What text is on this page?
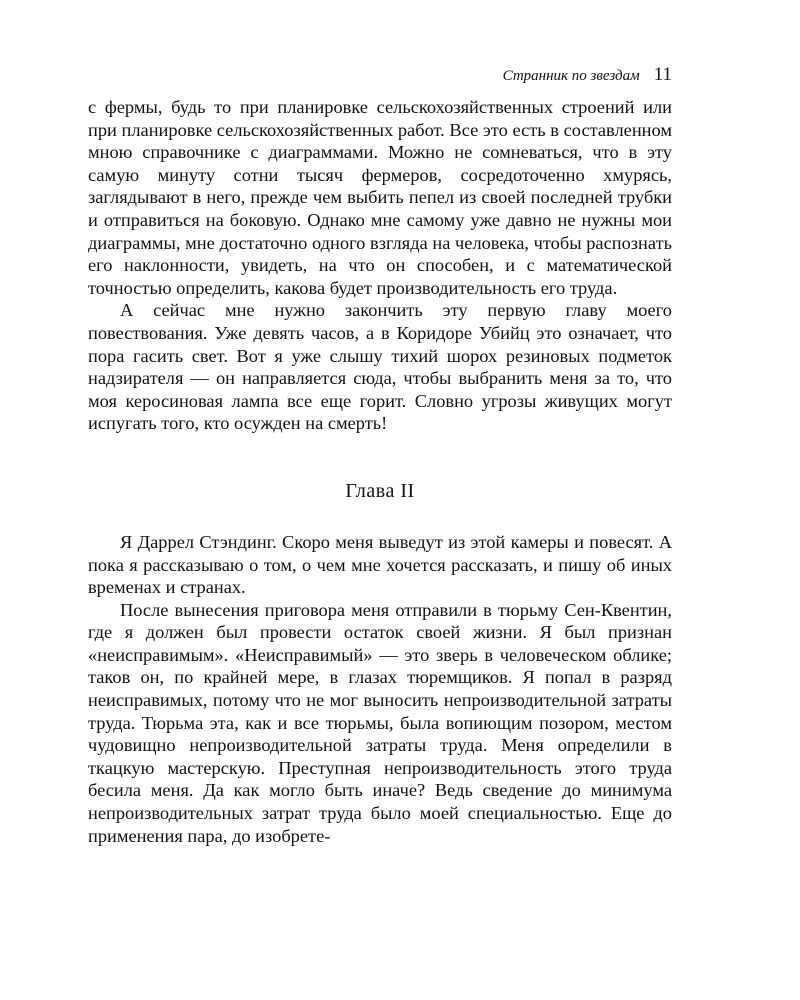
Странник по звездам 11

с фермы, будь то при планировке сельскохозяйственных строений или при планировке сельскохозяйственных работ. Все это есть в составленном мною справочнике с диаграммами. Можно не сомневаться, что в эту самую минуту сотни тысяч фермеров, сосредоточенно хмурясь, заглядывают в него, прежде чем выбить пепел из своей последней трубки и отправиться на боковую. Однако мне самому уже давно не нужны мои диаграммы, мне достаточно одного взгляда на человека, чтобы распознать его наклонности, увидеть, на что он способен, и с математической точностью определить, какова будет производительность его труда.

А сейчас мне нужно закончить эту первую главу моего повествования. Уже девять часов, а в Коридоре Убийц это означает, что пора гасить свет. Вот я уже слышу тихий шорох резиновых подметок надзирателя — он направляется сюда, чтобы выбранить меня за то, что моя керосиновая лампа все еще горит. Словно угрозы живущих могут испугать того, кто осужден на смерть!

Глава II

Я Даррел Стэндинг. Скоро меня выведут из этой камеры и повесят. А пока я рассказываю о том, о чем мне хочется рассказать, и пишу об иных временах и странах.

После вынесения приговора меня отправили в тюрьму Сен-Квентин, где я должен был провести остаток своей жизни. Я был признан «неисправимым». «Неисправимый» — это зверь в человеческом облике; таков он, по крайней мере, в глазах тюремщиков. Я попал в разряд неисправимых, потому что не мог выносить непроизводительной затраты труда. Тюрьма эта, как и все тюрьмы, была вопиющим позором, местом чудовищно непроизводительной затраты труда. Меня определили в ткацкую мастерскую. Преступная непроизводительность этого труда бесила меня. Да как могло быть иначе? Ведь сведение до минимума непроизводительных затрат труда было моей специальностью. Еще до применения пара, до изобрете-
